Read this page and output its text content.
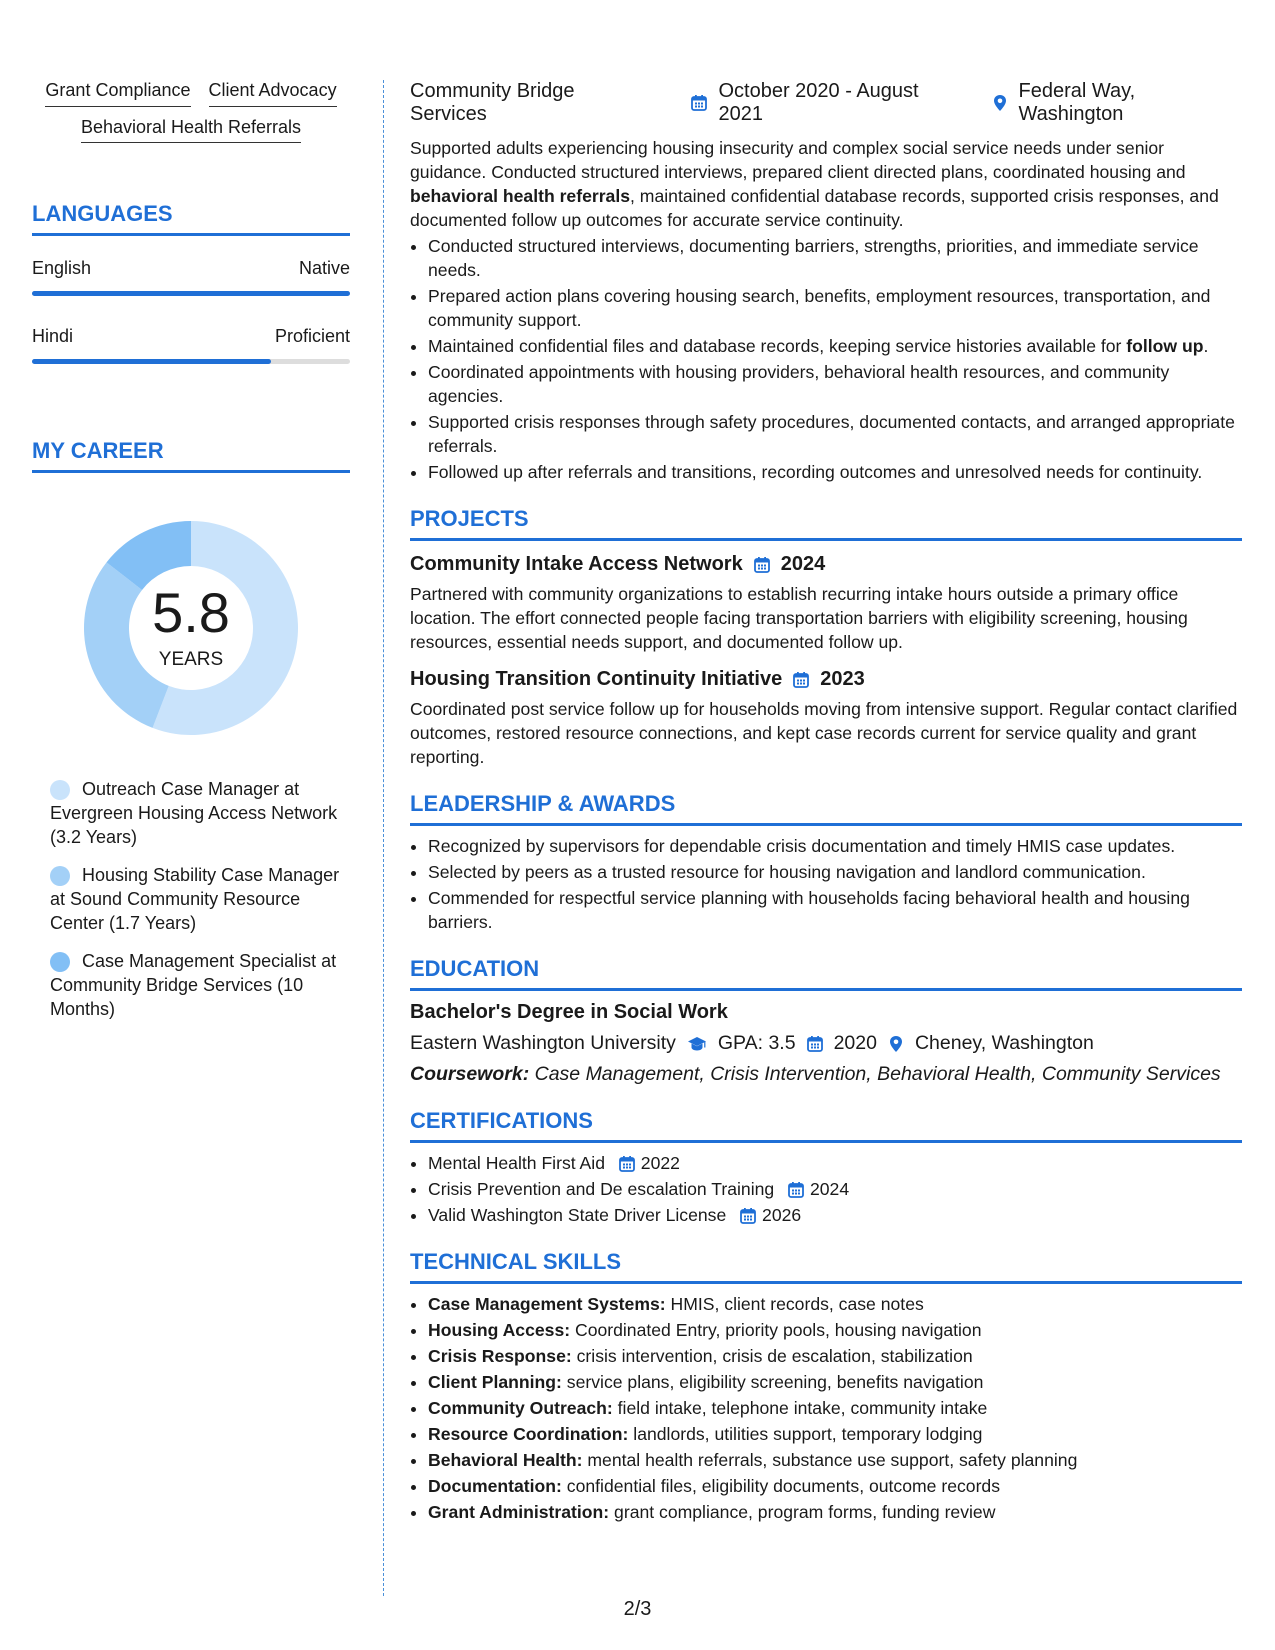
Grant Compliance Client Advocacy
Behavioral Health Referrals
LANGUAGES
English	Native
Hindi	Proficient
MY CAREER
5.8
YEARS
Outreach Case Manager at Evergreen Housing Access Network (3.2 Years)
Housing Stability Case Manager at Sound Community Resource Center (1.7 Years)
Case Management Specialist at Community Bridge Services (10 Months)
Community Bridge Services
October 2020 - August 2021
Federal Way, Washington

Supported adults experiencing housing insecurity and complex social service needs under senior guidance. Conducted structured interviews, prepared client directed plans, coordinated housing and behavioral health referrals, maintained confidential database records, supported crisis responses, and documented follow up outcomes for accurate service continuity.

• Conducted structured interviews, documenting barriers, strengths, priorities, and immediate service needs.
• Prepared action plans covering housing search, benefits, employment resources, transportation, and community support.
• Maintained confidential files and database records, keeping service histories available for follow up.
• Coordinated appointments with housing providers, behavioral health resources, and community agencies.
• Supported crisis responses through safety procedures, documented contacts, and arranged appropriate referrals.
• Followed up after referrals and transitions, recording outcomes and unresolved needs for continuity.
PROJECTS
Community Intake Access Network 2024

Partnered with community organizations to establish recurring intake hours outside a primary office location. The effort connected people facing transportation barriers with eligibility screening, housing resources, essential needs support, and documented follow up.

Housing Transition Continuity Initiative 2023

Coordinated post service follow up for households moving from intensive support. Regular contact clarified outcomes, restored resource connections, and kept case records current for service quality and grant reporting.

LEADERSHIP & AWARDS
• Recognized by supervisors for dependable crisis documentation and timely HMIS case updates.
• Selected by peers as a trusted resource for housing navigation and landlord communication.
• Commended for respectful service planning with households facing behavioral health and housing barriers.
EDUCATION
Bachelor's Degree in Social Work
Eastern Washington University GPA: 3.5 2020 Cheney, Washington
Coursework: Case Management, Crisis Intervention, Behavioral Health, Community Services
CERTIFICATIONS
• Mental Health First Aid 2022
• Crisis Prevention and De escalation Training 2024
• Valid Washington State Driver License 2026
TECHNICAL SKILLS
• Case Management Systems: HMIS, client records, case notes
• Housing Access: Coordinated Entry, priority pools, housing navigation
• Crisis Response: crisis intervention, crisis de escalation, stabilization
• Client Planning: service plans, eligibility screening, benefits navigation
• Community Outreach: field intake, telephone intake, community intake
• Resource Coordination: landlords, utilities support, temporary lodging
• Behavioral Health: mental health referrals, substance use support, safety planning
• Documentation: confidential files, eligibility documents, outcome records
• Grant Administration: grant compliance, program forms, funding review
2/3
